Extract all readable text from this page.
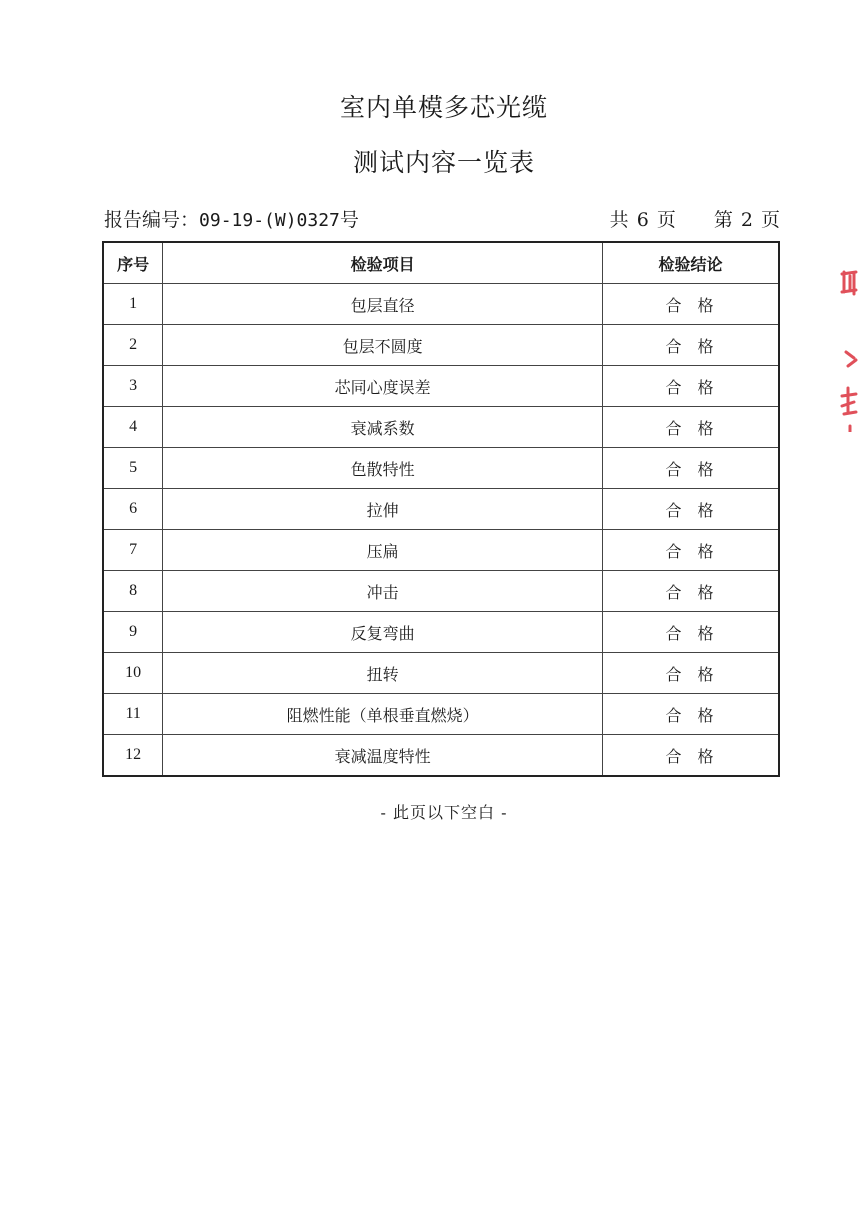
室内单模多芯光缆
测试内容一览表
报告编号：09-19-(W)0327号	共 6 页 第 2 页
序号	检验项目	检验结论
1	包层直径	合格
2	包层不圆度	合格
3	芯同心度误差	合格
4	衰减系数	合格
5	色散特性	合格
6	拉伸	合格
7	压扁	合格
8	冲击	合格
9	反复弯曲	合格
10	扭转	合格
11	阻燃性能（单根垂直燃烧）	合格
12	衰减温度特性	合格
- 此页以下空白 -
